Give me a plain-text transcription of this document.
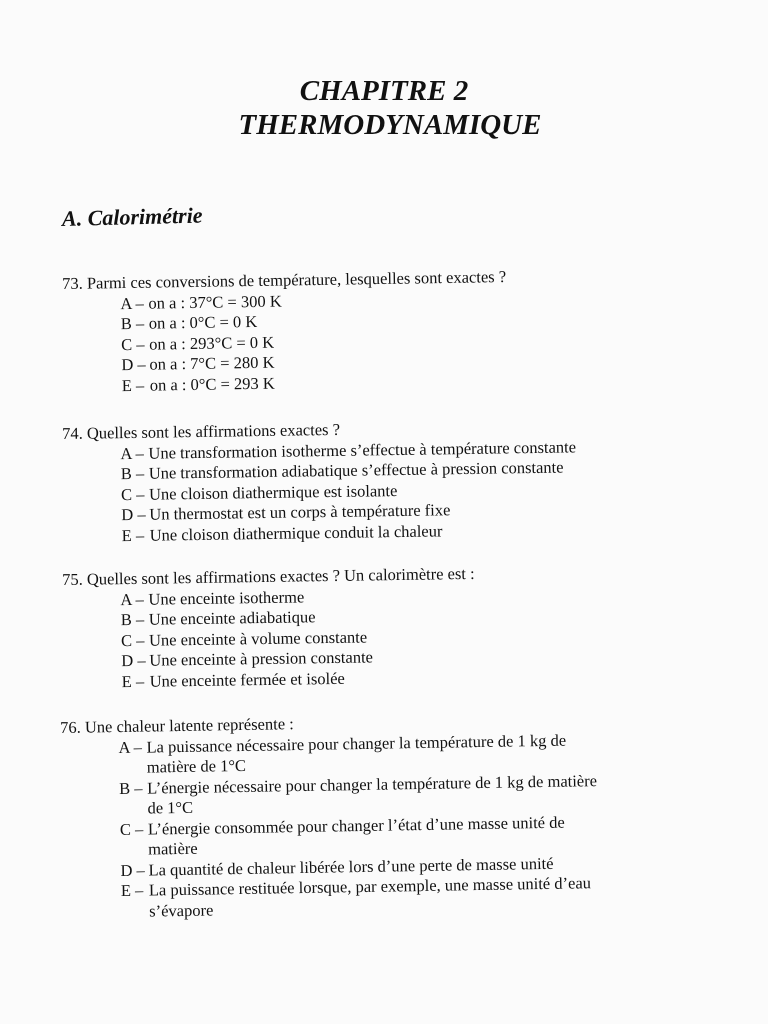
CHAPITRE 2
THERMODYNAMIQUE
A. Calorimétrie
73. Parmi ces conversions de température, lesquelles sont exactes ?
A – on a : 37°C = 300 K
B – on a : 0°C = 0 K
C – on a : 293°C = 0 K
D – on a : 7°C = 280 K
E – on a : 0°C = 293 K
74. Quelles sont les affirmations exactes ?
A – Une transformation isotherme s’effectue à température constante
B – Une transformation adiabatique s’effectue à pression constante
C – Une cloison diathermique est isolante
D – Un thermostat est un corps à température fixe
E – Une cloison diathermique conduit la chaleur
75. Quelles sont les affirmations exactes ? Un calorimètre est :
A – Une enceinte isotherme
B – Une enceinte adiabatique
C – Une enceinte à volume constante
D – Une enceinte à pression constante
E – Une enceinte fermée et isolée
76. Une chaleur latente représente :
A – La puissance nécessaire pour changer la température de 1 kg de matière de 1°C
B – L’énergie nécessaire pour changer la température de 1 kg de matière de 1°C
C – L’énergie consommée pour changer l’état d’une masse unité de matière
D – La quantité de chaleur libérée lors d’une perte de masse unité
E – La puissance restituée lorsque, par exemple, une masse unité d’eau s’évapore
